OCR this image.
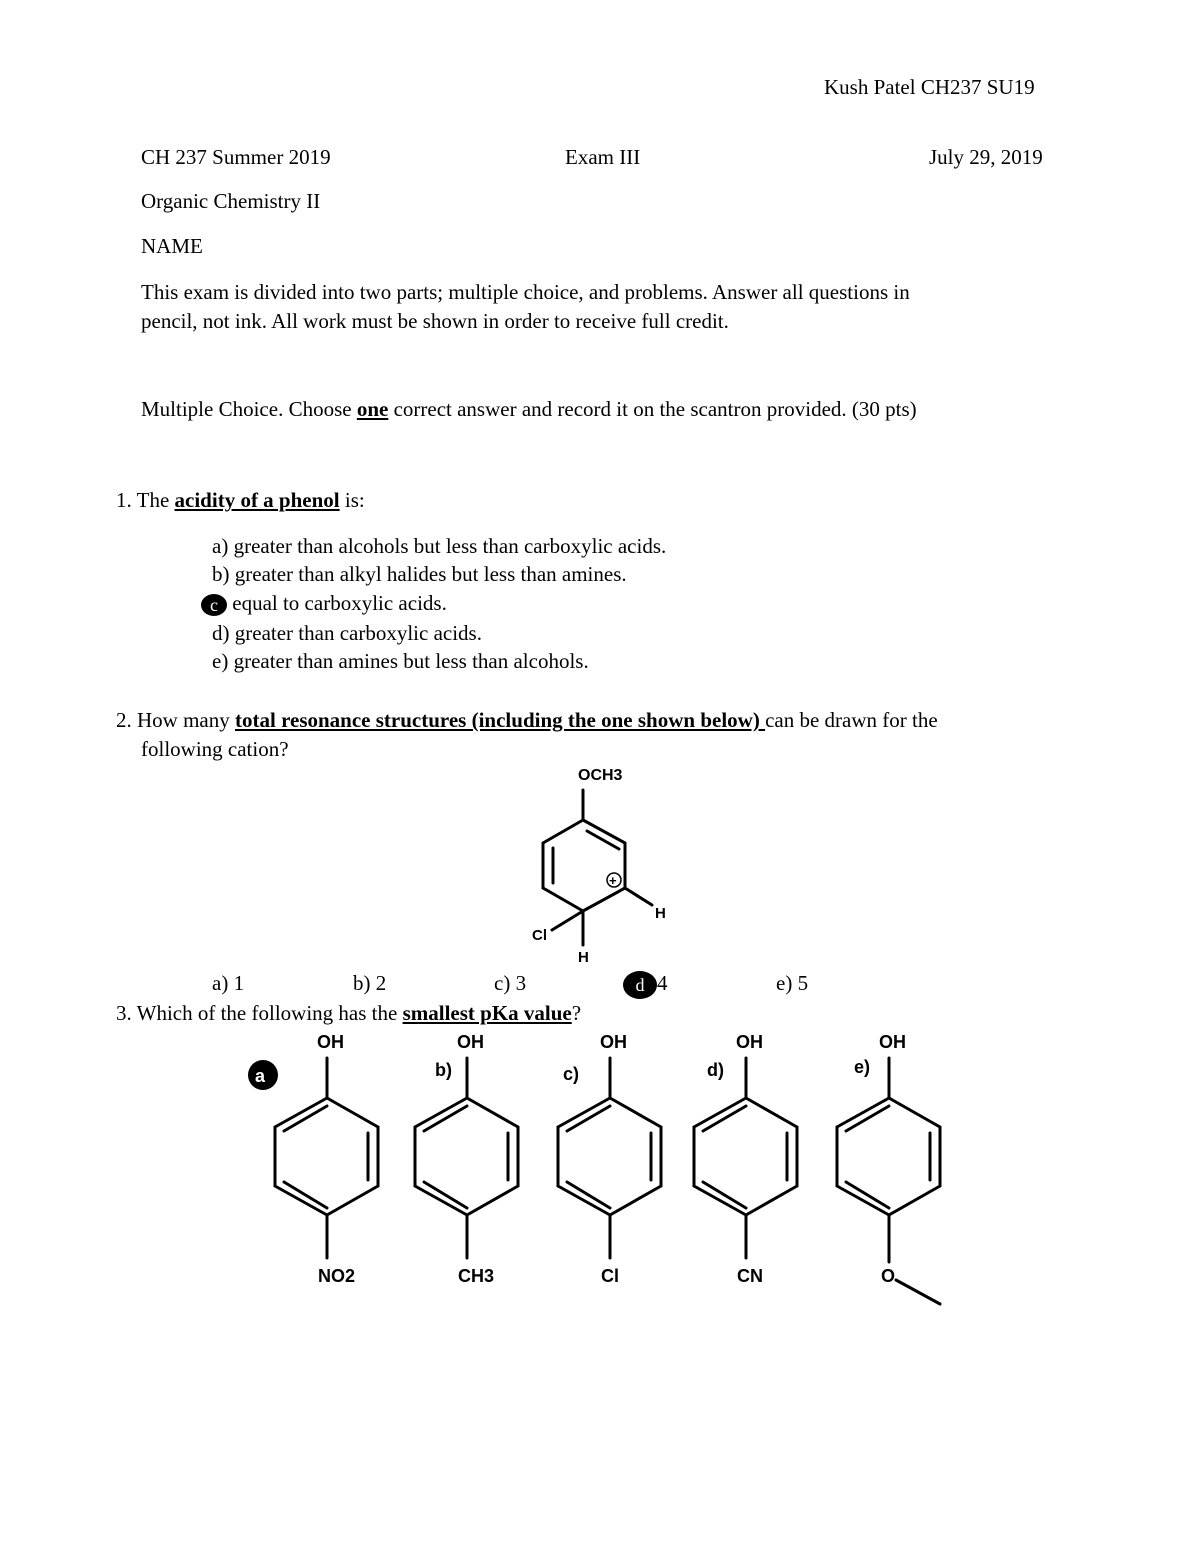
Kush Patel CH237 SU19
CH 237 Summer 2019	Exam III	July 29, 2019
Organic Chemistry II
NAME
This exam is divided into two parts; multiple choice, and problems. Answer all questions in
pencil, not ink. All work must be shown in order to receive full credit.
Multiple Choice. Choose one correct answer and record it on the scantron provided. (30 pts)
1. The acidity of a phenol is:
a) greater than alcohols but less than carboxylic acids.
b) greater than alkyl halides but less than amines.
c equal to carboxylic acids.
d) greater than carboxylic acids.
e) greater than amines but less than alcohols.
2. How many total resonance structures (including the one shown below) can be drawn for the
following cation?
a) 1	b) 2	c) 3	d 4	e) 5
3. Which of the following has the smallest pKa value?
OCH3
+
H
Cl
H
OH
NO2
OH
CH3
OH
Cl
OH
CN
OH
O
a	b)	c)	d)	e)
